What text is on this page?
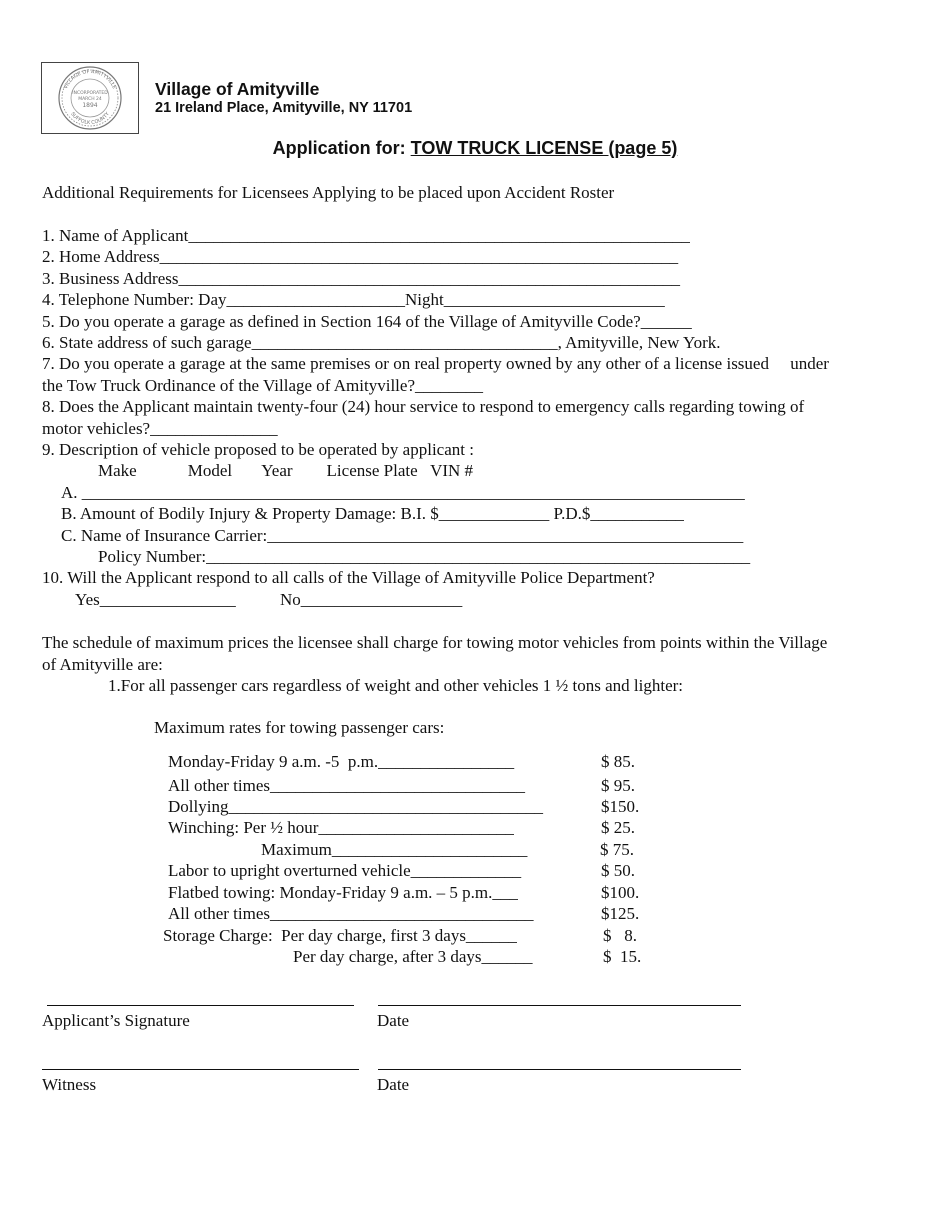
VILLAGE OF AMITYVILLE
SUFFOLK COUNTY
INCORPORATED
MARCH 24
1894
Village of Amityville
21 Ireland Place, Amityville, NY 11701
Application for: TOW TRUCK LICENSE (page 5)
Additional Requirements for Licensees Applying to be placed upon Accident Roster
1. Name of Applicant___________________________________________________________
2. Home Address_____________________________________________________________
3. Business Address___________________________________________________________
4. Telephone Number: Day_____________________Night__________________________
5. Do you operate a garage as defined in Section 164 of the Village of Amityville Code?______
6. State address of such garage____________________________________, Amityville, New York.
7. Do you operate a garage at the same premises or on real property owned by any other of a license issued     under
the Tow Truck Ordinance of the Village of Amityville?________
8. Does the Applicant maintain twenty-four (24) hour service to respond to emergency calls regarding towing of
motor vehicles?_______________
9. Description of vehicle proposed to be operated by applicant :
Make            Model       Year        License Plate   VIN #
A. ______________________________________________________________________________
B. Amount of Bodily Injury & Property Damage: B.I. $_____________ P.D.$___________
C. Name of Insurance Carrier:________________________________________________________
Policy Number:________________________________________________________________
10. Will the Applicant respond to all calls of the Village of Amityville Police Department?
Yes________________	No___________________
The schedule of maximum prices the licensee shall charge for towing motor vehicles from points within the Village
of Amityville are:
1.For all passenger cars regardless of weight and other vehicles 1 ½ tons and lighter:
Maximum rates for towing passenger cars:
Monday-Friday 9 a.m. -5  p.m.________________	$ 85.
All other times______________________________	$ 95.
Dollying_____________________________________	$150.
Winching: Per ½ hour_______________________	$ 25.
Maximum_______________________	$ 75.
Labor to upright overturned vehicle_____________	$ 50.
Flatbed towing: Monday-Friday 9 a.m. – 5 p.m.___	$100.
All other times_______________________________	$125.
Storage Charge:  Per day charge, first 3 days______	$   8.
Per day charge, after 3 days______	$  15.
Applicant’s Signature	Date
Witness	Date
